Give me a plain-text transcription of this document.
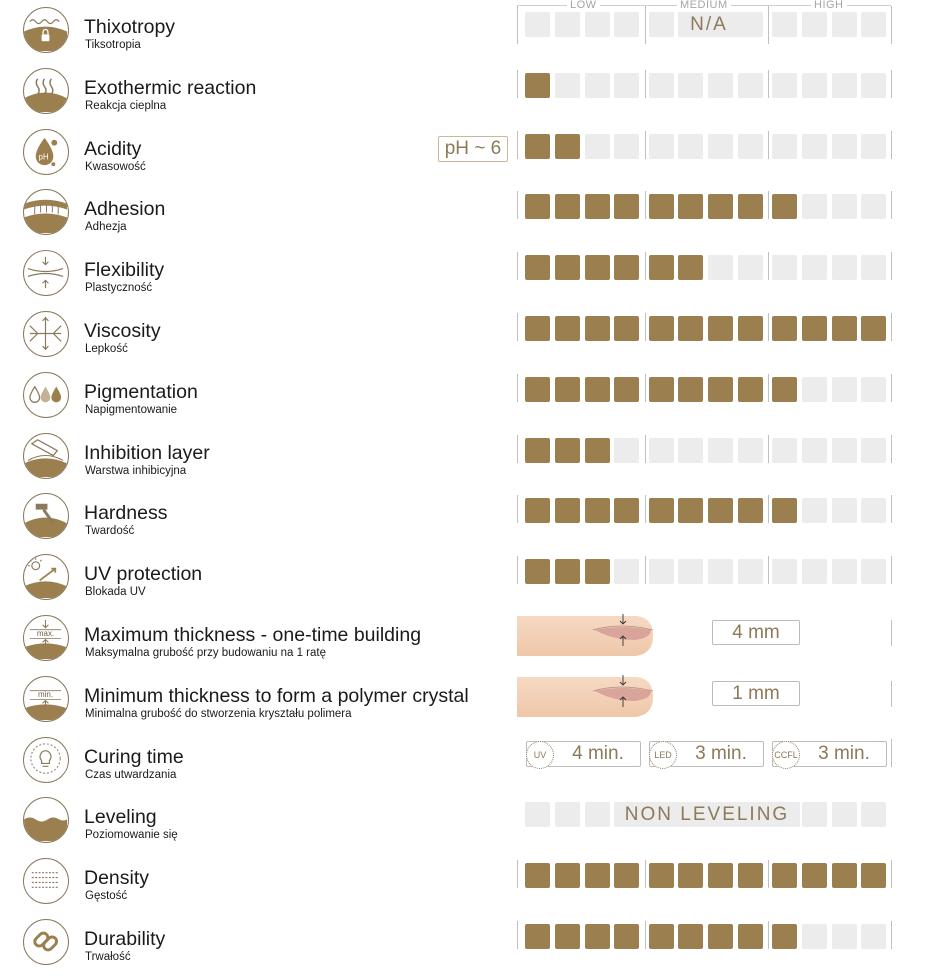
LOW	MEDIUM	HIGH
Thixotropy
Tiksotropia
N/A
Exothermic reaction
Reakcja cieplna
pH Acidity
Kwasowość
pH ~ 6
Adhesion
Adhezja
Flexibility
Plastyczność
Viscosity
Lepkość
Pigmentation
Napigmentowanie
Inhibition layer
Warstwa inhibicyjna
Hardness
Twardość
UV protection
Blokada UV
max.	Maximum thickness - one-time building
Maksymalna grubość przy budowaniu na 1 ratę
4 mm
min.	Minimum thickness to form a polymer crystal
Minimalna grubość do stworzenia kryształu polimera
1 mm
Curing time
Czas utwardzania
UV	4 min.	LED	3 min.	CCFL	3 min.
Leveling
Poziomowanie się
NON LEVELING
Density
Gęstość
Durability
Trwałość
